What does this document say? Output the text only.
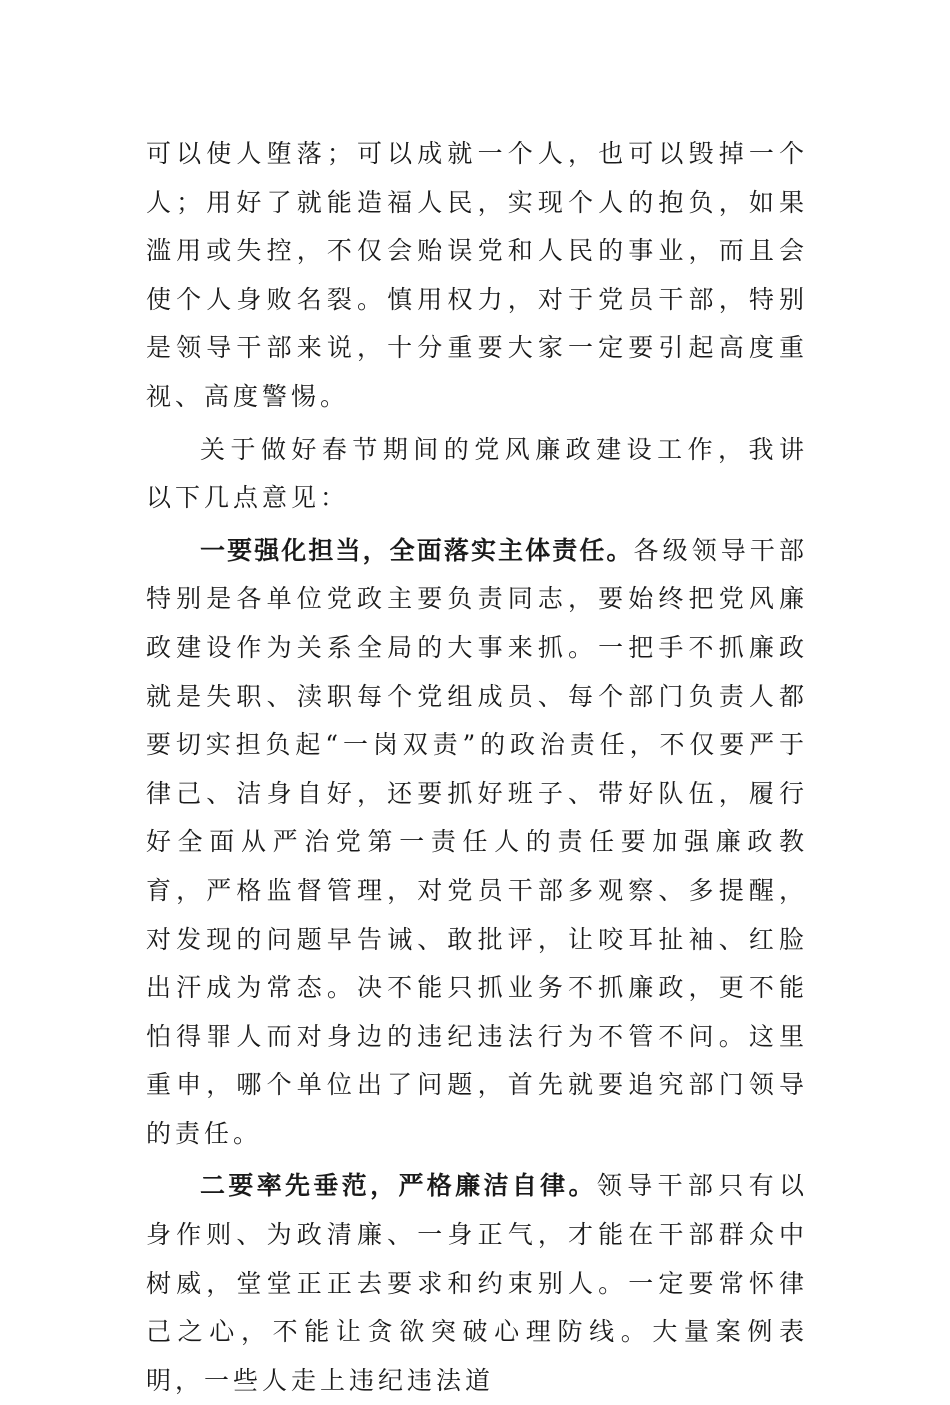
可以使人堕落；可以成就一个人，也可以毁掉一个人；用好了就能造福人民，实现个人的抱负，如果滥用或失控，不仅会贻误党和人民的事业，而且会使个人身败名裂。慎用权力，对于党员干部，特别是领导干部来说，十分重要大家一定要引起高度重视、高度警惕。

关于做好春节期间的党风廉政建设工作，我讲以下几点意见：

一要强化担当，全面落实主体责任。各级领导干部特别是各单位党政主要负责同志，要始终把党风廉政建设作为关系全局的大事来抓。一把手不抓廉政就是失职、渎职每个党组成员、每个部门负责人都要切实担负起“一岗双责”的政治责任，不仅要严于律己、洁身自好，还要抓好班子、带好队伍，履行好全面从严治党第一责任人的责任要加强廉政教育，严格监督管理，对党员干部多观察、多提醒，对发现的问题早告诫、敢批评，让咬耳扯袖、红脸出汗成为常态。决不能只抓业务不抓廉政，更不能怕得罪人而对身边的违纪违法行为不管不问。这里重申，哪个单位出了问题，首先就要追究部门领导的责任。

二要率先垂范，严格廉洁自律。领导干部只有以身作则、为政清廉、一身正气，才能在干部群众中树威，堂堂正正去要求和约束别人。一定要常怀律己之心，不能让贪欲突破心理防线。大量案例表明，一些人走上违纪违法道
